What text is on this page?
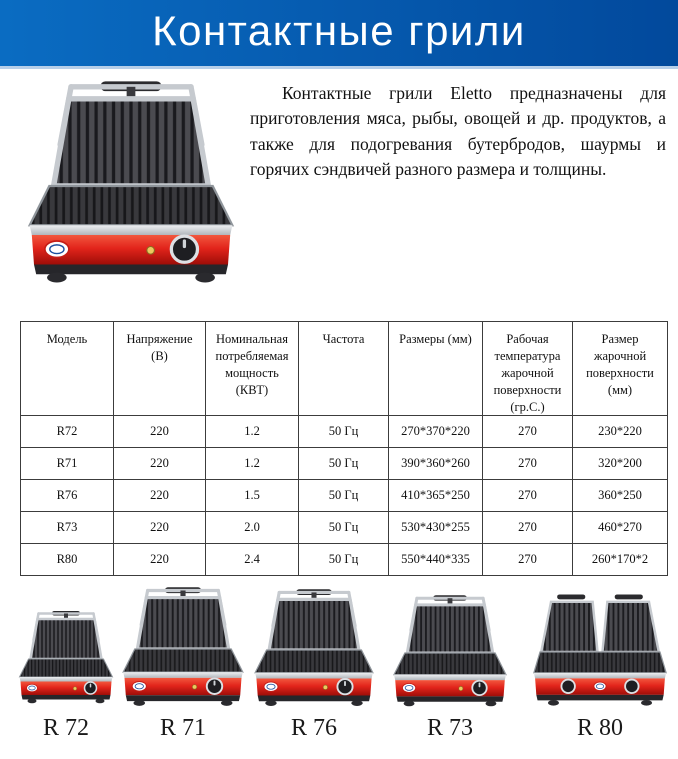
Контактные грили

Контактные грили Eletto предназначены для приготовления мяса, рыбы, овощей и др. продуктов, а также для подогревания бутербродов, шаурмы и горячих сэндвичей разного размера и толщины.

Модель	Напряжение (В)	Номинальная потребляемая мощность (КВТ)	Частота	Размеры (мм)	Рабочая температура жарочной поверхности (гр.С.)	Размер жарочной поверхности (мм)
R72	220	1.2	50 Гц	270*370*220	270	230*220
R71	220	1.2	50 Гц	390*360*260	270	320*200
R76	220	1.5	50 Гц	410*365*250	270	360*250
R73	220	2.0	50 Гц	530*430*255	270	460*270
R80	220	2.4	50 Гц	550*440*335	270	260*170*2
R 72	R 71	R 76	R 73	R 80
